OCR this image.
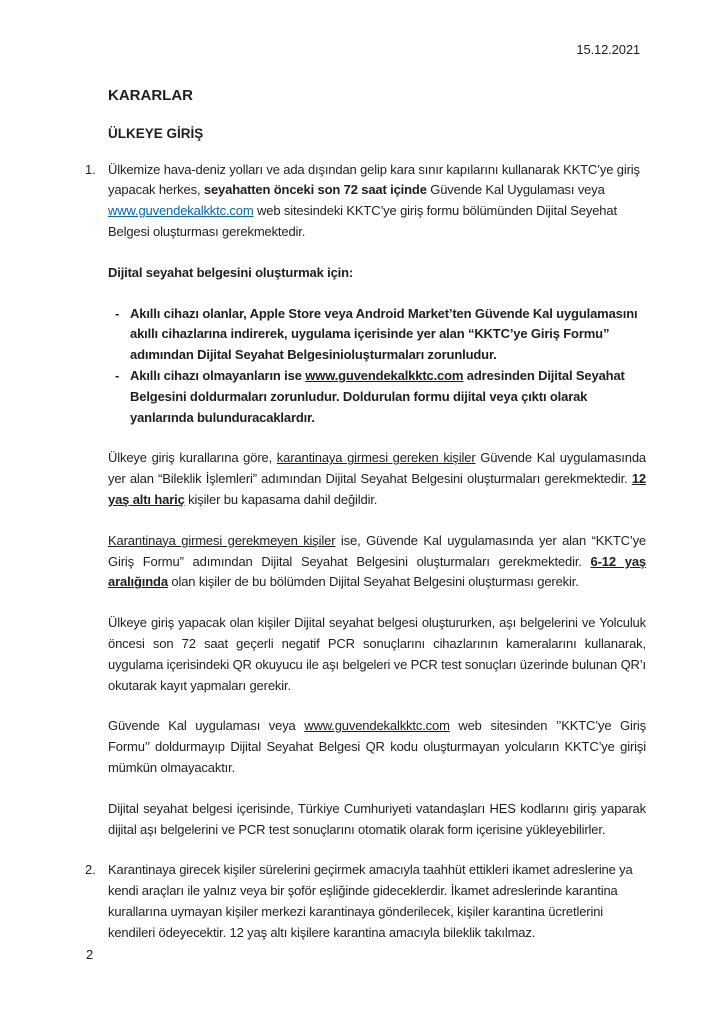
15.12.2021
KARARLAR
ÜLKEYE GİRİŞ
1. Ülkemize hava-deniz yolları ve ada dışından gelip kara sınır kapılarını kullanarak KKTC’ye giriş yapacak herkes, seyahatten önceki son 72 saat içinde Güvende Kal Uygulaması veya www.guvendekalkktc.com web sitesindeki KKTC’ye giriş formu bölümünden Dijital Seyehat Belgesi oluşturması gerekmektedir.
Dijital seyahat belgesini oluşturmak için:
- Akıllı cihazı olanlar, Apple Store veya Android Market’ten Güvende Kal uygulamasını akıllı cihazlarına indirerek, uygulama içerisinde yer alan “KKTC’ye Giriş Formu” adımından Dijital Seyahat Belgesinioluşturmaları zorunludur.
- Akıllı cihazı olmayanların ise www.guvendekalkktc.com adresinden Dijital Seyahat Belgesini doldurmaları zorunludur. Doldurulan formu dijital veya çıktı olarak yanlarında bulunduracaklardır.
Ülkeye giriş kurallarına göre, karantinaya girmesi gereken kişiler Güvende Kal uygulamasında yer alan “Bileklik İşlemleri” adımından Dijital Seyahat Belgesini oluşturmaları gerekmektedir. 12 yaş altı hariç kişiler bu kapasama dahil değildir.
Karantinaya girmesi gerekmeyen kişiler ise, Güvende Kal uygulamasında yer alan “KKTC’ye Giriş Formu” adımından Dijital Seyahat Belgesini oluşturmaları gerekmektedir. 6-12 yaş aralığında olan kişiler de bu bölümden Dijital Seyahat Belgesini oluşturması gerekir.
Ülkeye giriş yapacak olan kişiler Dijital seyahat belgesi oluştururken, aşı belgelerini ve Yolculuk öncesi son 72 saat geçerli negatif PCR sonuçlarını cihazlarının kameralarını kullanarak, uygulama içerisindeki QR okuyucu ile aşı belgeleri ve PCR test sonuçları üzerinde bulunan QR’ı okutarak kayıt yapmaları gerekir.
Güvende Kal uygulaması veya www.guvendekalkktc.com web sitesinden ’’KKTC’ye Giriş Formu’’ doldurmayıp Dijital Seyahat Belgesi QR kodu oluşturmayan yolcuların KKTC’ye girişi mümkün olmayacaktır.
Dijital seyahat belgesi içerisinde, Türkiye Cumhuriyeti vatandaşları HES kodlarını giriş yaparak dijital aşı belgelerini ve PCR test sonuçlarını otomatik olarak form içerisine yükleyebilirler.
2. Karantinaya girecek kişiler sürelerini geçirmek amacıyla taahhüt ettikleri ikamet adreslerine ya kendi araçları ile yalnız veya bir şoför eşliğinde gideceklerdir. İkamet adreslerinde karantina kurallarına uymayan kişiler merkezi karantinaya gönderilecek, kişiler karantina ücretlerini kendileri ödeyecektir. 12 yaş altı kişilere karantina amacıyla bileklik takılmaz.
2
